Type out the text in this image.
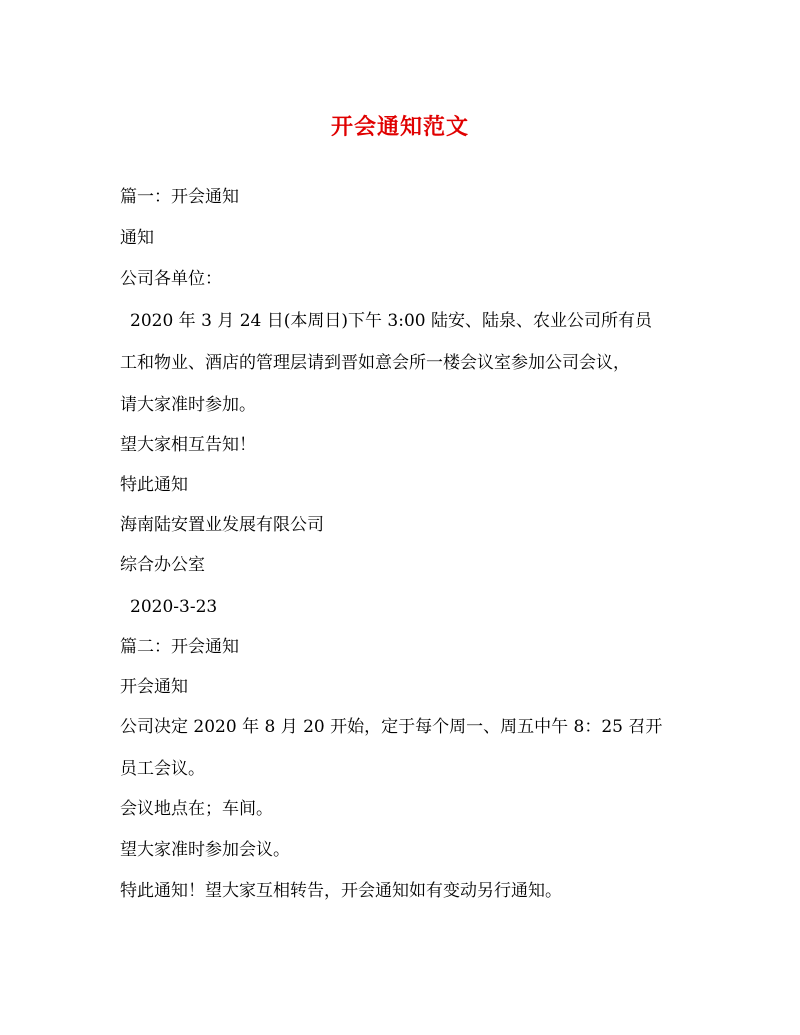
开会通知范文
篇一：开会通知
通知
公司各单位：
2020 年 3 月 24 日(本周日)下午 3:00 陆安、陆泉、农业公司所有员
工和物业、酒店的管理层请到晋如意会所一楼会议室参加公司会议，
请大家准时参加。
望大家相互告知！
特此通知
海南陆安置业发展有限公司
综合办公室
2020-3-23
篇二：开会通知
开会通知
公司决定 2020 年 8 月 20 开始，定于每个周一、周五中午 8：25 召开
员工会议。
会议地点在；车间。
望大家准时参加会议。
特此通知！望大家互相转告，开会通知如有变动另行通知。
